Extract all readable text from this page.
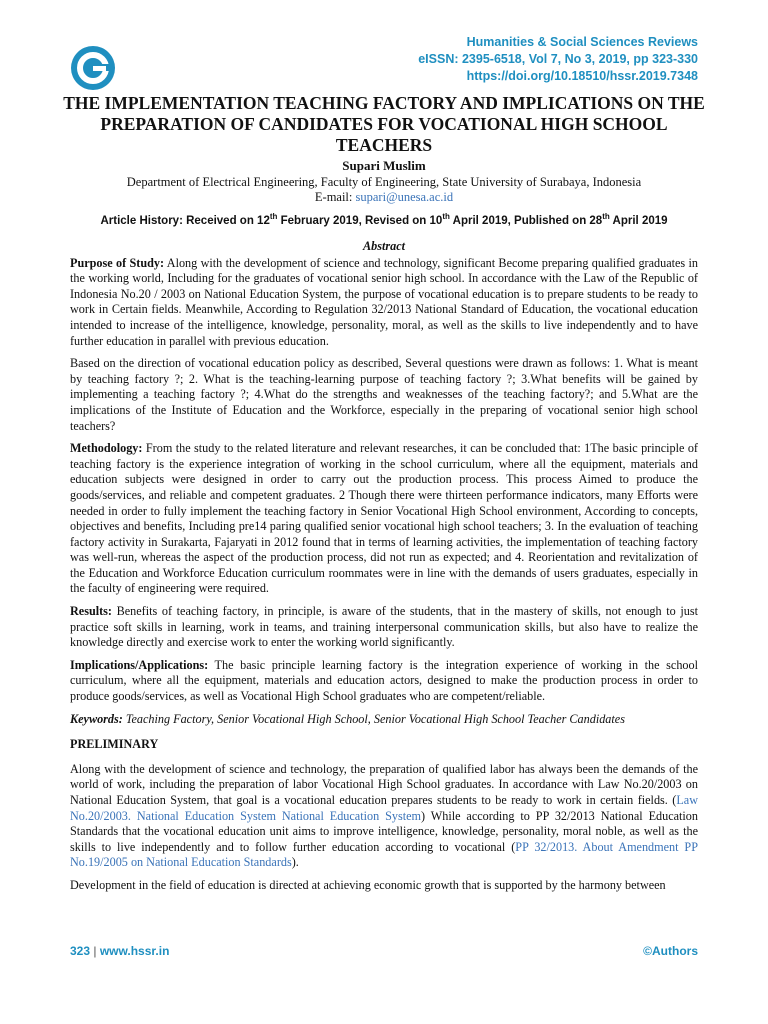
Humanities & Social Sciences Reviews
eISSN: 2395-6518, Vol 7, No 3, 2019, pp 323-330
https://doi.org/10.18510/hssr.2019.7348
THE IMPLEMENTATION TEACHING FACTORY AND IMPLICATIONS ON THE PREPARATION OF CANDIDATES FOR VOCATIONAL HIGH SCHOOL TEACHERS
Supari Muslim
Department of Electrical Engineering, Faculty of Engineering, State University of Surabaya, Indonesia
E-mail: supari@unesa.ac.id
Article History: Received on 12th February 2019, Revised on 10th April 2019, Published on 28th April 2019

Abstract

Purpose of Study: Along with the development of science and technology, significant Become preparing qualified graduates in the working world, Including for the graduates of vocational senior high school. In accordance with the Law of the Republic of Indonesia No.20 / 2003 on National Education System, the purpose of vocational education is to prepare students to be ready to work in Certain fields. Meanwhile, According to Regulation 32/2013 National Standard of Education, the vocational education intended to increase of the intelligence, knowledge, personality, moral, as well as the skills to live independently and to have further education in parallel with previous education.

Based on the direction of vocational education policy as described, Several questions were drawn as follows: 1. What is meant by teaching factory ?; 2. What is the teaching-learning purpose of teaching factory ?; 3.What benefits will be gained by implementing a teaching factory ?; 4.What do the strengths and weaknesses of the teaching factory?; and 5.What are the implications of the Institute of Education and the Workforce, especially in the preparing of vocational senior high school teachers?

Methodology: From the study to the related literature and relevant researches, it can be concluded that: 1The basic principle of teaching factory is the experience integration of working in the school curriculum, where all the equipment, materials and education subjects were designed in order to carry out the production process. This process Aimed to produce the goods/services, and reliable and competent graduates. 2 Though there were thirteen performance indicators, many Efforts were needed in order to fully implement the teaching factory in Senior Vocational High School environment, According to concepts, objectives and benefits, Including pre14 paring qualified senior vocational high school teachers; 3. In the evaluation of teaching factory activity in Surakarta, Fajaryati in 2012 found that in terms of learning activities, the implementation of teaching factory was well-run, whereas the aspect of the production process, did not run as expected; and 4. Reorientation and revitalization of the Education and Workforce Education curriculum roommates were in line with the demands of users graduates, especially in the faculty of engineering were required.

Results: Benefits of teaching factory, in principle, is aware of the students, that in the mastery of skills, not enough to just practice soft skills in learning, work in teams, and training interpersonal communication skills, but also have to realize the knowledge directly and exercise work to enter the working world significantly.

Implications/Applications: The basic principle learning factory is the integration experience of working in the school curriculum, where all the equipment, materials and education actors, designed to make the production process in order to produce goods/services, as well as Vocational High School graduates who are competent/reliable.

Keywords: Teaching Factory, Senior Vocational High School, Senior Vocational High School Teacher Candidates

PRELIMINARY

Along with the development of science and technology, the preparation of qualified labor has always been the demands of the world of work, including the preparation of labor Vocational High School graduates. In accordance with Law No.20/2003 on National Education System, that goal is a vocational education prepares students to be ready to work in certain fields. (Law No.20/2003. National Education System National Education System) While according to PP 32/2013 National Education Standards that the vocational education unit aims to improve intelligence, knowledge, personality, moral noble, as well as the skills to live independently and to follow further education according to vocational (PP 32/2013. About Amendment PP No.19/2005 on National Education Standards).

Development in the field of education is directed at achieving economic growth that is supported by the harmony between

323 | www.hssr.in	©Authors
